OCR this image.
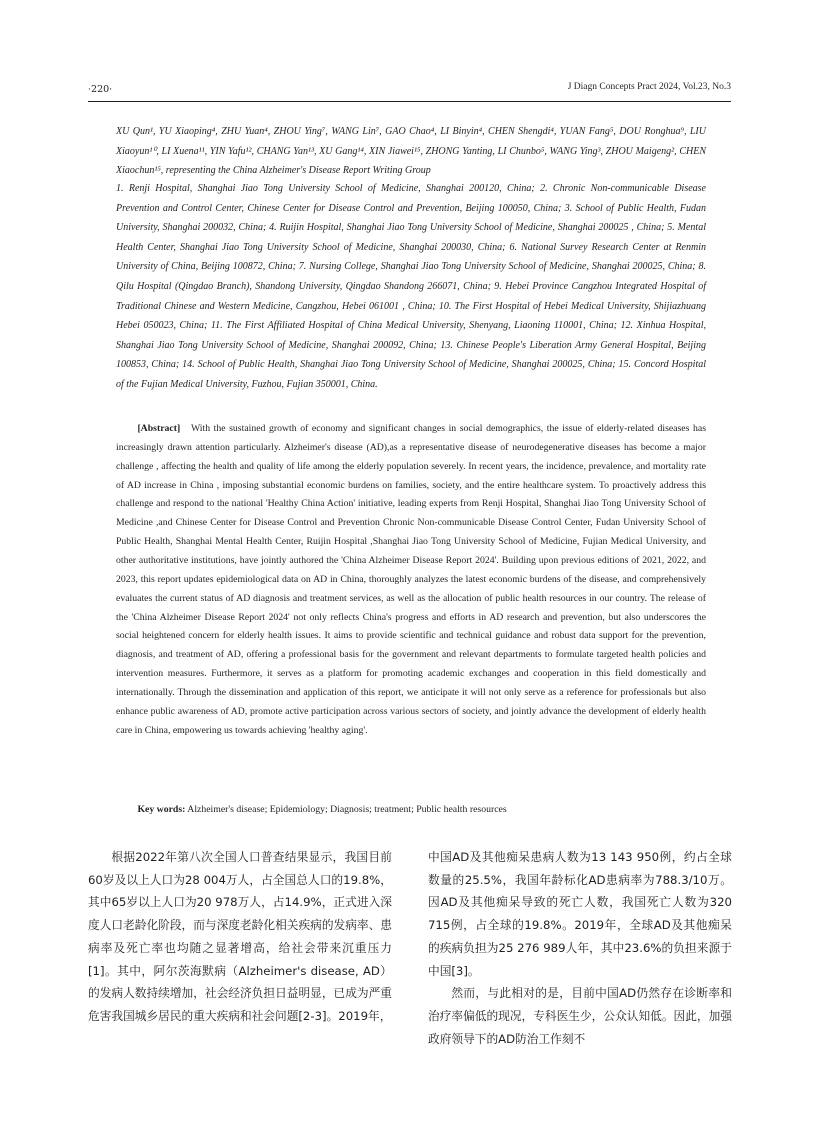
·220·	J Diagn Concepts Pract 2024, Vol.23, No.3
XU Qun¹, YU Xiaoping⁴, ZHU Yuan⁴, ZHOU Ying⁷, WANG Lin⁷, GAO Chao⁴, LI Binyin⁴, CHEN Shengdi⁴, YUAN Fang⁵, DOU Ronghua⁹, LIU Xiaoyun¹⁰, LI Xuena¹¹, YIN Yafu¹², CHANG Yan¹³, XU Gang¹⁴, XIN Jiawei¹⁵, ZHONG Yanting, LI Chunbo⁵, WANG Ying³, ZHOU Maigeng², CHEN Xiaochun¹⁵, representing the China Alzheimer's Disease Report Writing Group
1. Renji Hospital, Shanghai Jiao Tong University School of Medicine, Shanghai 200120, China; 2. Chronic Non-communicable Disease Prevention and Control Center, Chinese Center for Disease Control and Prevention, Beijing 100050, China; 3. School of Public Health, Fudan University, Shanghai 200032, China; 4. Ruijin Hospital, Shanghai Jiao Tong University School of Medicine, Shanghai 200025 , China; 5. Mental Health Center, Shanghai Jiao Tong University School of Medicine, Shanghai 200030, China; 6. National Survey Research Center at Renmin University of China, Beijing 100872, China; 7. Nursing College, Shanghai Jiao Tong University School of Medicine, Shanghai 200025, China; 8. Qilu Hospital (Qingdao Branch), Shandong University, Qingdao Shandong 266071, China; 9. Hebei Province Cangzhou Integrated Hospital of Traditional Chinese and Western Medicine, Cangzhou, Hebei 061001 , China; 10. The First Hospital of Hebei Medical University, Shijiazhuang Hebei 050023, China; 11. The First Affiliated Hospital of China Medical University, Shenyang, Liaoning 110001, China; 12. Xinhua Hospital, Shanghai Jiao Tong University School of Medicine, Shanghai 200092, China; 13. Chinese People's Liberation Army General Hospital, Beijing 100853, China; 14. School of Public Health, Shanghai Jiao Tong University School of Medicine, Shanghai 200025, China; 15. Concord Hospital of the Fujian Medical University, Fuzhou, Fujian 350001, China.
[Abstract] With the sustained growth of economy and significant changes in social demographics, the issue of elderly-related diseases has increasingly drawn attention particularly. Alzheimer's disease (AD),as a representative disease of neurodegenerative diseases has become a major challenge , affecting the health and quality of life among the elderly population severely. In recent years, the incidence, prevalence, and mortality rate of AD increase in China , imposing substantial economic burdens on families, society, and the entire healthcare system. To proactively address this challenge and respond to the national 'Healthy China Action' initiative, leading experts from Renji Hospital, Shanghai Jiao Tong University School of Medicine ,and Chinese Center for Disease Control and Prevention Chronic Non-communicable Disease Control Center, Fudan University School of Public Health, Shanghai Mental Health Center, Ruijin Hospital ,Shanghai Jiao Tong University School of Medicine, Fujian Medical University, and other authoritative institutions, have jointly authored the 'China Alzheimer Disease Report 2024'. Building upon previous editions of 2021, 2022, and 2023, this report updates epidemiological data on AD in China, thoroughly analyzes the latest economic burdens of the disease, and comprehensively evaluates the current status of AD diagnosis and treatment services, as well as the allocation of public health resources in our country. The release of the 'China Alzheimer Disease Report 2024' not only reflects China's progress and efforts in AD research and prevention, but also underscores the social heightened concern for elderly health issues. It aims to provide scientific and technical guidance and robust data support for the prevention, diagnosis, and treatment of AD, offering a professional basis for the government and relevant departments to formulate targeted health policies and intervention measures. Furthermore, it serves as a platform for promoting academic exchanges and cooperation in this field domestically and internationally. Through the dissemination and application of this report, we anticipate it will not only serve as a reference for professionals but also enhance public awareness of AD, promote active participation across various sectors of society, and jointly advance the development of elderly health care in China, empowering us towards achieving 'healthy aging'.
Key words: Alzheimer's disease; Epidemiology; Diagnosis; treatment; Public health resources

根据2022年第八次全国人口普查结果显示，我国目前60岁及以上人口为28 004万人，占全国总人口的19.8%，其中65岁以上人口为20 978万人，占14.9%，正式进入深度人口老龄化阶段，而与深度老龄化相关疾病的发病率、患病率及死亡率也均随之显著增高，给社会带来沉重压力[1]。其中，阿尔茨海默病（Alzheimer's disease, AD）的发病人数持续增加，社会经济负担日益明显，已成为严重危害我国城乡居民的重大疾病和社会问题[2-3]。2019年，

中国AD及其他痴呆患病人数为13 143 950例，约占全球数量的25.5%，我国年龄标化AD患病率为788.3/10万。因AD及其他痴呆导致的死亡人数，我国死亡人数为320 715例，占全球的19.8%。2019年，全球AD及其他痴呆的疾病负担为25 276 989人年，其中23.6%的负担来源于中国[3]。

然而，与此相对的是，目前中国AD仍然存在诊断率和治疗率偏低的现况，专科医生少，公众认知低。因此，加强政府领导下的AD防治工作刻不
